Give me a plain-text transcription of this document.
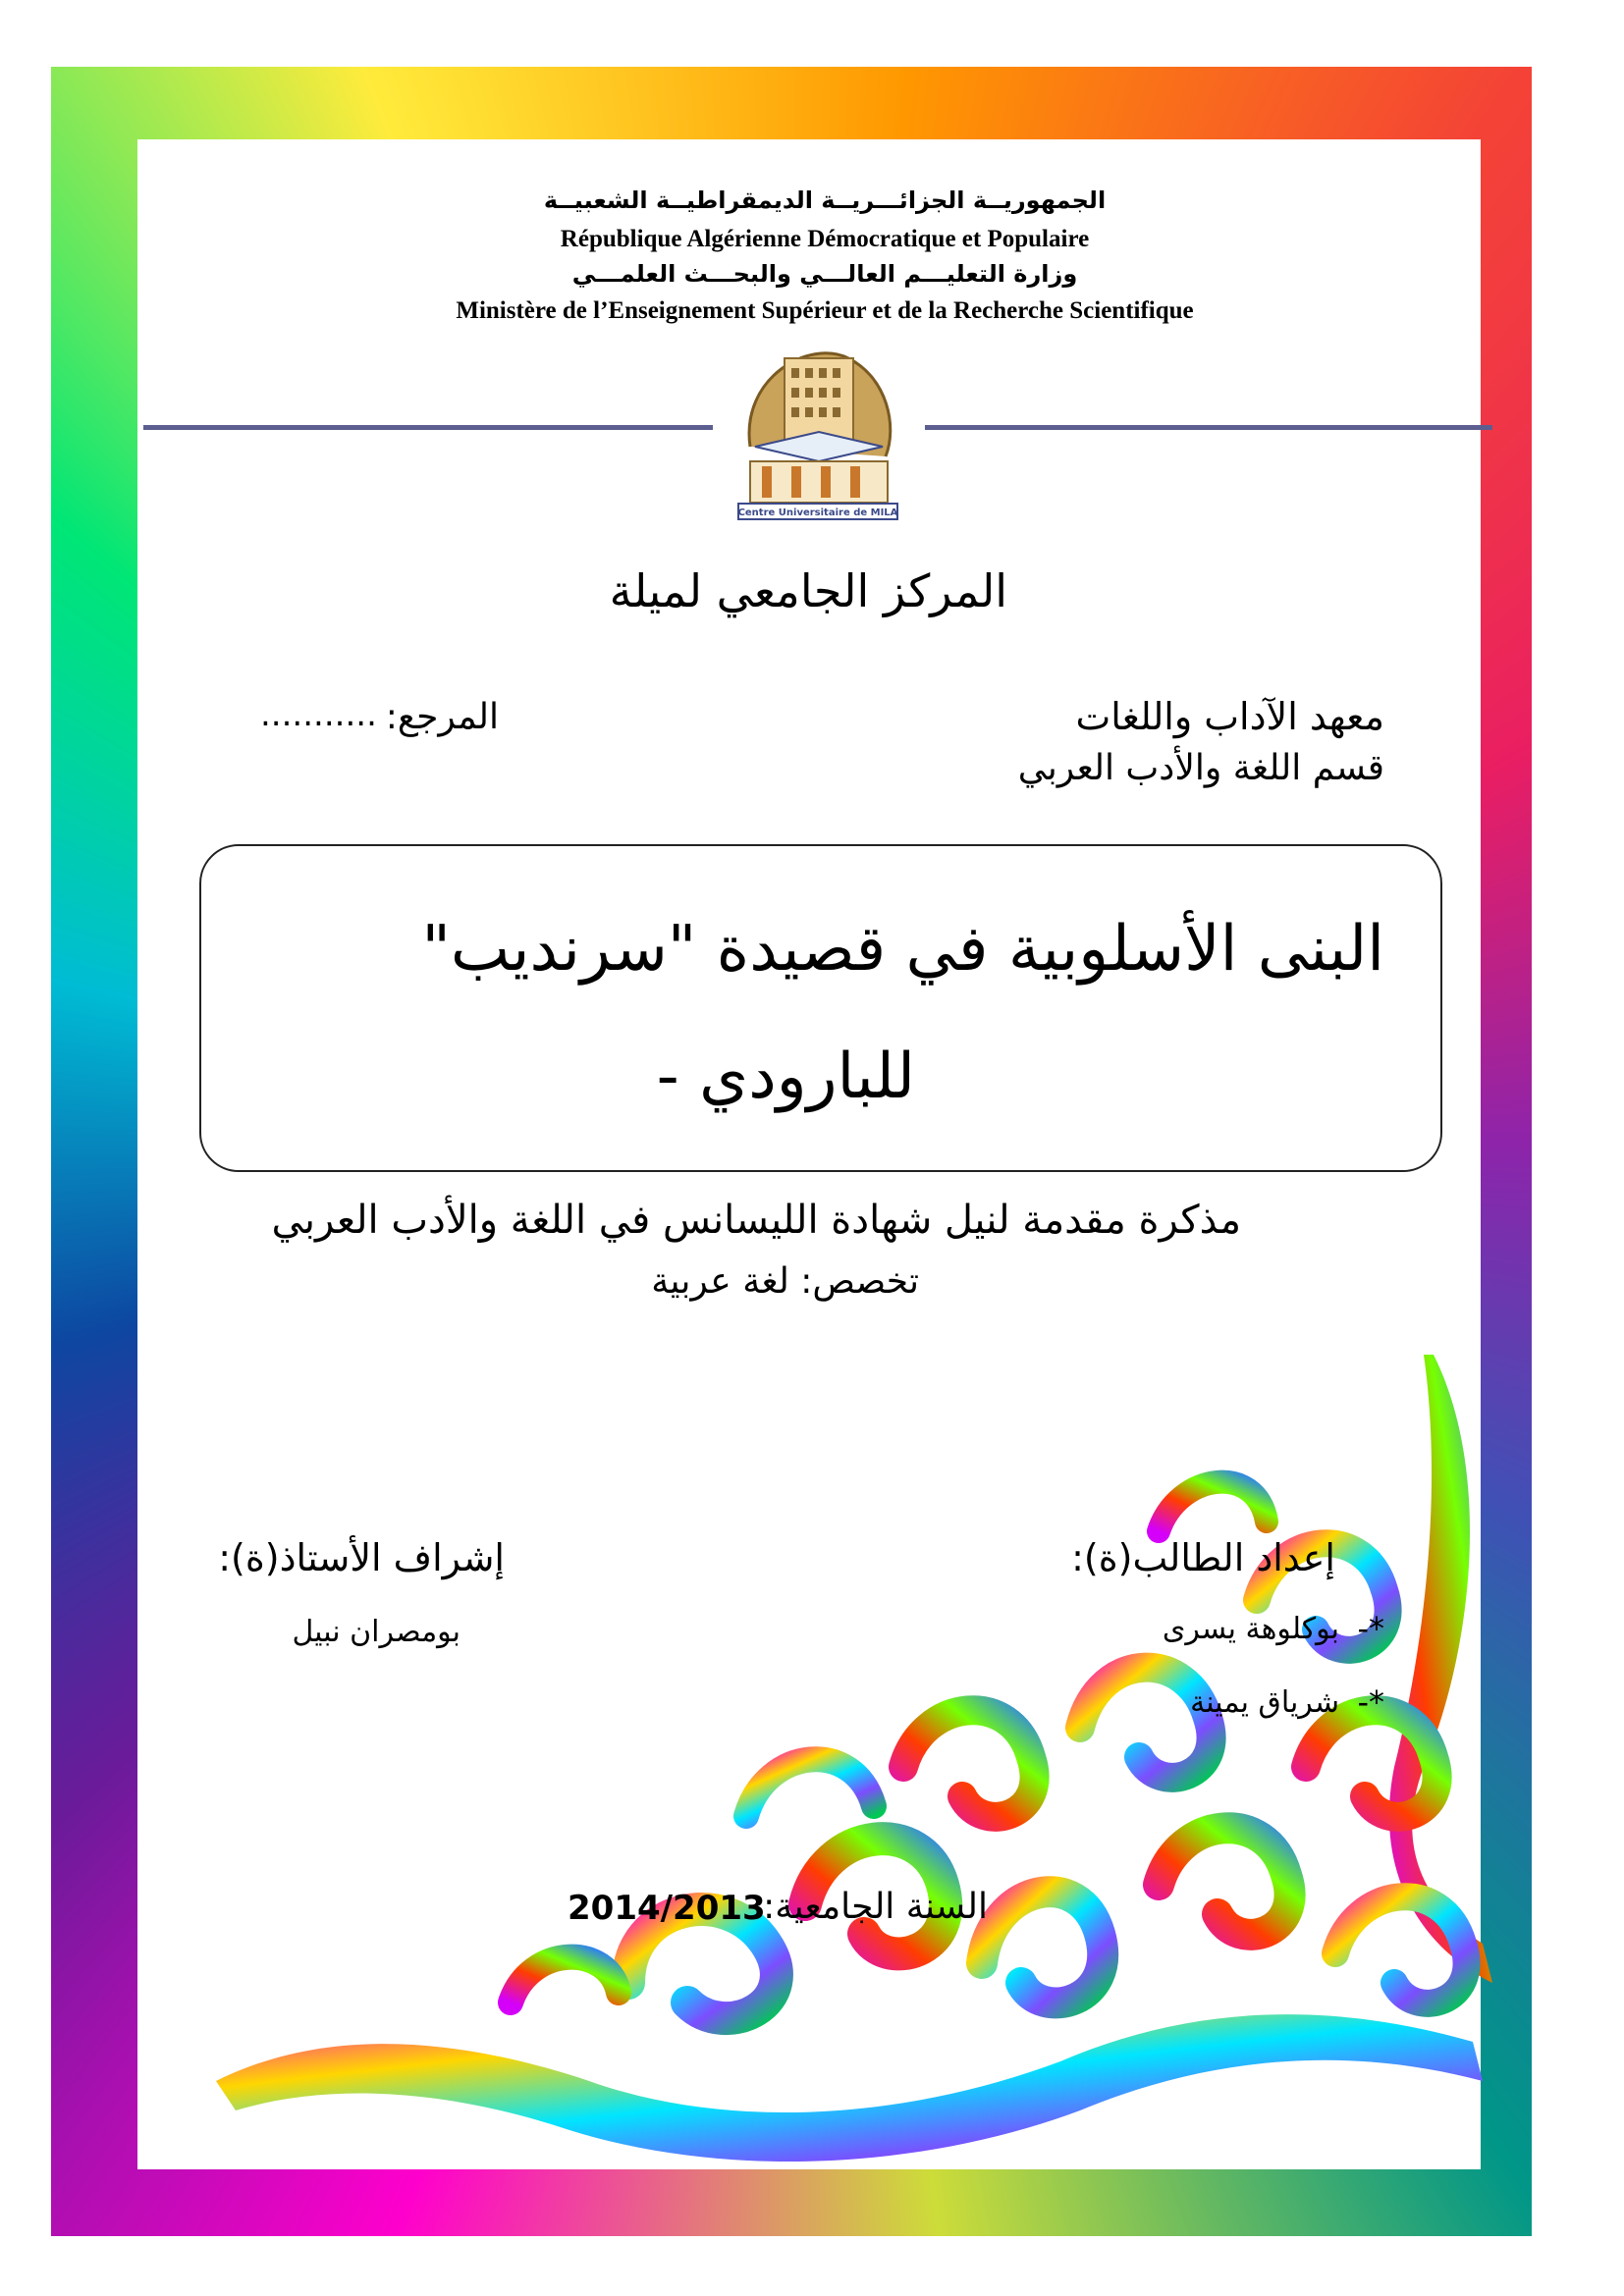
الجمهوريــة الجزائـــريــة الديمقراطيــة الشعبيــة
République Algérienne Démocratique et Populaire
وزارة التعليـــم العالـــي والبحـــث العلمـــي
Ministère de l’Enseignement Supérieur et de la Recherche Scientifique
Centre Universitaire de MILA
المركز الجامعي لميلة
المرجع:
...........	معهد الآداب واللغات
قسم اللغة والأدب العربي
البنى الأسلوبية في قصيدة "سرنديب"
للبارودي -
مذكرة مقدمة لنيل شهادة الليسانس في اللغة والأدب العربي
تخصص: لغة عربية
إعداد الطالب(ة):
*-
بوكلوهة يسرى
*-
شرياق يمينة
إشراف الأستاذ(ة):
بومصران نبيل
السنة الجامعية:
2014/2013
